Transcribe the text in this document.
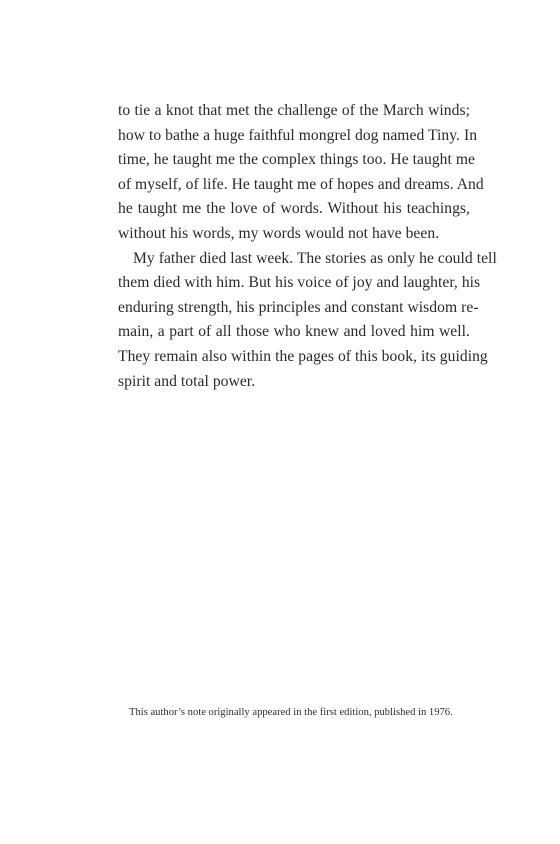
to tie a knot that met the challenge of the March winds;
how to bathe a huge faithful mongrel dog named Tiny. In
time, he taught me the complex things too. He taught me
of myself, of life. He taught me of hopes and dreams. And
he taught me the love of words. Without his teachings,
without his words, my words would not have been.
My father died last week. The stories as only he could tell
them died with him. But his voice of joy and laughter, his
enduring strength, his principles and constant wisdom re-
main, a part of all those who knew and loved him well.
They remain also within the pages of this book, its guiding
spirit and total power.
This author’s note originally appeared in the first edition, published in 1976.
